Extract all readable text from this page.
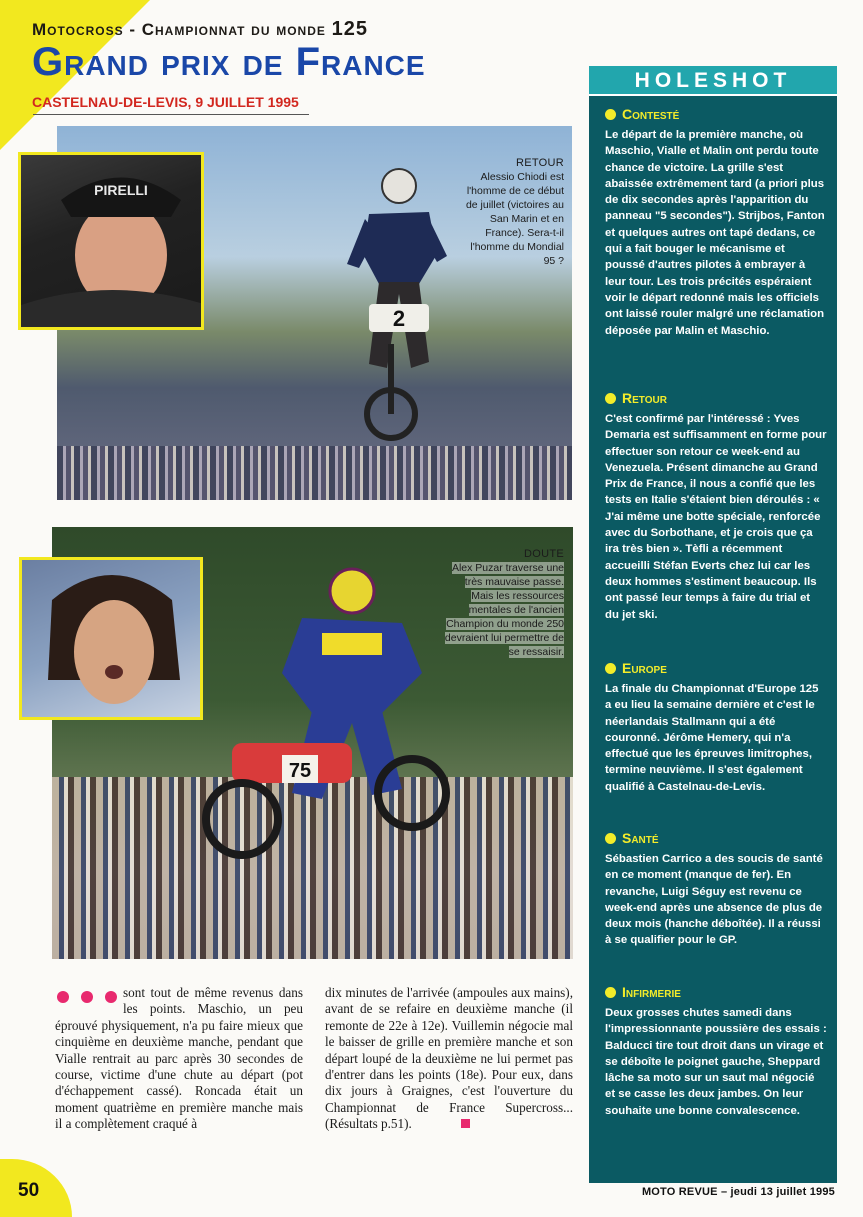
Motocross - Championnat du monde 125
Grand prix de France
CASTELNAU-DE-LEVIS, 9 JUILLET 1995
2
PIRELLI
RETOUR
Alessio Chiodi est l'homme de ce début de juillet (victoires au San Marin et en France). Sera-t-il l'homme du Mondial 95 ?
75
DOUTE
Alex Puzar traverse une très mauvaise passe. Mais les ressources mentales de l'ancien Champion du monde 250 devraient lui permettre de se ressaisir.
sont tout de même revenus dans les points. Maschio, un peu éprouvé physiquement, n'a pu faire mieux que cinquième en deuxième manche, pendant que Vialle rentrait au parc après 30 secondes de course, victime d'une chute au départ (pot d'échappement cassé). Roncada était un moment quatrième en première manche mais il a complètement craqué à
dix minutes de l'arrivée (ampoules aux mains), avant de se refaire en deuxième manche (il remonte de 22e à 12e). Vuillemin négocie mal le baisser de grille en première manche et son départ loupé de la deuxième ne lui permet pas d'entrer dans les points (18e). Pour eux, dans dix jours à Graignes, c'est l'ouverture du Championnat de France Supercross... (Résultats p.51).
HOLESHOT
Contesté
Le départ de la première manche, où Maschio, Vialle et Malin ont perdu toute chance de victoire. La grille s'est abaissée extrêmement tard (a priori plus de dix secondes après l'apparition du panneau "5 secondes"). Strijbos, Fanton et quelques autres ont tapé dedans, ce qui a fait bouger le mécanisme et poussé d'autres pilotes à embrayer à leur tour. Les trois précités espéraient voir le départ redonné mais les officiels ont laissé rouler malgré une réclamation déposée par Malin et Maschio.
Retour
C'est confirmé par l'intéressé : Yves Demaria est suffisamment en forme pour effectuer son retour ce week-end au Venezuela. Présent dimanche au Grand Prix de France, il nous a confié que les tests en Italie s'étaient bien déroulés : « J'ai même une botte spéciale, renforcée avec du Sorbothane, et je crois que ça ira très bien ». Tèfli a récemment accueilli Stéfan Everts chez lui car les deux hommes s'estiment beaucoup. Ils ont passé leur temps à faire du trial et du jet ski.
Europe
La finale du Championnat d'Europe 125 a eu lieu la semaine dernière et c'est le néerlandais Stallmann qui a été couronné. Jérôme Hemery, qui n'a effectué que les épreuves limitrophes, termine neuvième. Il s'est également qualifié à Castelnau-de-Levis.
Santé
Sébastien Carrico a des soucis de santé en ce moment (manque de fer). En revanche, Luigi Séguy est revenu ce week-end après une absence de plus de deux mois (hanche déboîtée). Il a réussi à se qualifier pour le GP.
Infirmerie
Deux grosses chutes samedi dans l'impressionnante poussière des essais : Balducci tire tout droit dans un virage et se déboîte le poignet gauche, Sheppard lâche sa moto sur un saut mal négocié et se casse les deux jambes. On leur souhaite une bonne convalescence.
50	MOTO REVUE – jeudi 13 juillet 1995
